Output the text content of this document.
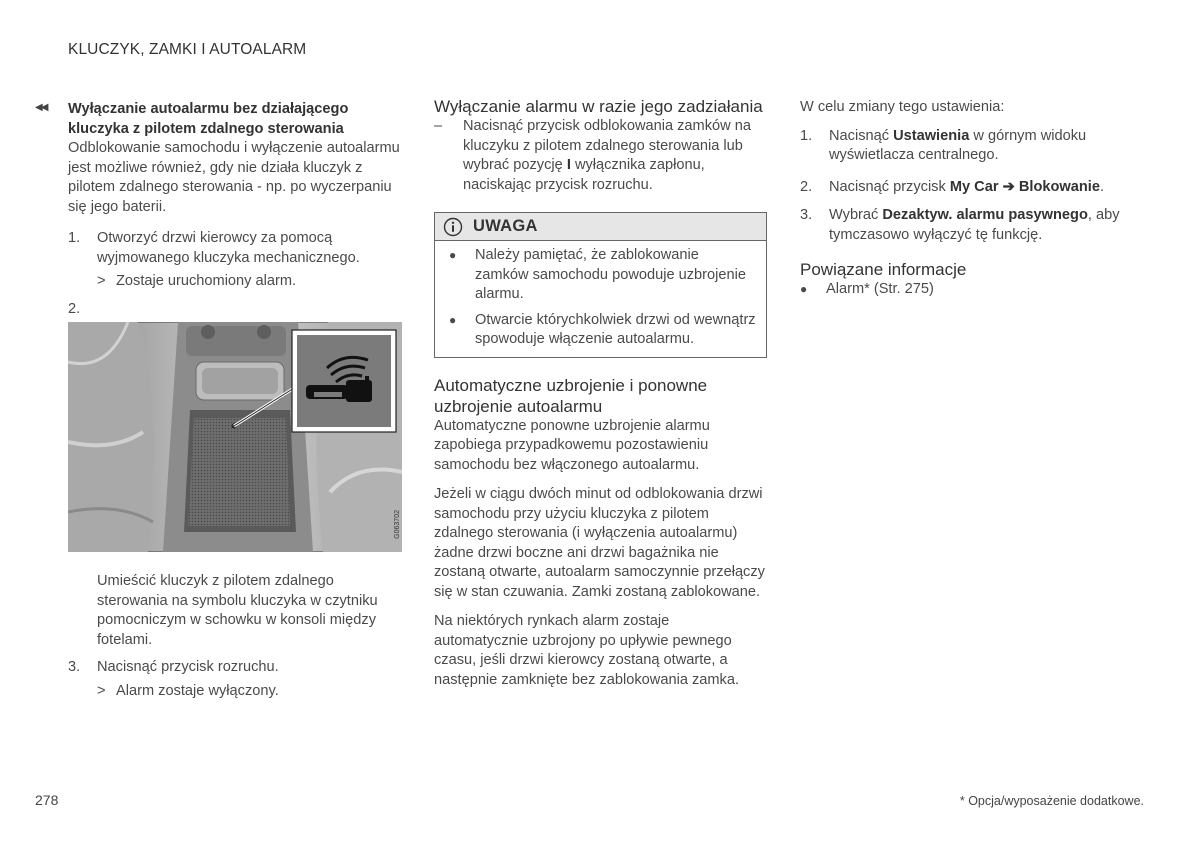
KLUCZYK, ZAMKI I AUTOALARM
◀◀ Wyłączanie autoalarmu bez działającego kluczyka z pilotem zdalnego sterowania

Odblokowanie samochodu i wyłączenie autoalarmu jest możliwe również, gdy nie działa kluczyk z pilotem zdalnego sterowania - np. po wyczerpaniu się jego baterii.

1. Otworzyć drzwi kierowcy za pomocą wyjmowanego kluczyka mechanicznego.
> Zostaje uruchomiony alarm.
2.

G063702

Umieścić kluczyk z pilotem zdalnego sterowania na symbolu kluczyka w czytniku pomocniczym w schowku w konsoli między fotelami.

3. Nacisnąć przycisk rozruchu.
> Alarm zostaje wyłączony.

Wyłączanie alarmu w razie jego zadziałania

– Nacisnąć przycisk odblokowania zamków na kluczyku z pilotem zdalnego sterowania lub wybrać pozycję I wyłącznika zapłonu, naciskając przycisk rozruchu.
UWAGA
● Należy pamiętać, że zablokowanie zamków samochodu powoduje uzbrojenie alarmu.
● Otwarcie którychkolwiek drzwi od wewnątrz spowoduje włączenie autoalarmu.

Automatyczne uzbrojenie i ponowne uzbrojenie autoalarmu

Automatyczne ponowne uzbrojenie alarmu zapobiega przypadkowemu pozostawieniu samochodu bez włączonego autoalarmu.

Jeżeli w ciągu dwóch minut od odblokowania drzwi samochodu przy użyciu kluczyka z pilotem zdalnego sterowania (i wyłączenia autoalarmu) żadne drzwi boczne ani drzwi bagażnika nie zostaną otwarte, autoalarm samoczynnie przełączy się w stan czuwania. Zamki zostaną zablokowane.

Na niektórych rynkach alarm zostaje automatycznie uzbrojony po upływie pewnego czasu, jeśli drzwi kierowcy zostaną otwarte, a następnie zamknięte bez zablokowania zamka.

W celu zmiany tego ustawienia:

1. Nacisnąć Ustawienia w górnym widoku wyświetlacza centralnego.
2. Nacisnąć przycisk My Car ➔ Blokowanie.
3. Wybrać Dezaktyw. alarmu pasywnego, aby tymczasowo wyłączyć tę funkcję.

Powiązane informacje

● Alarm* (Str. 275)
278	* Opcja/wyposażenie dodatkowe.
